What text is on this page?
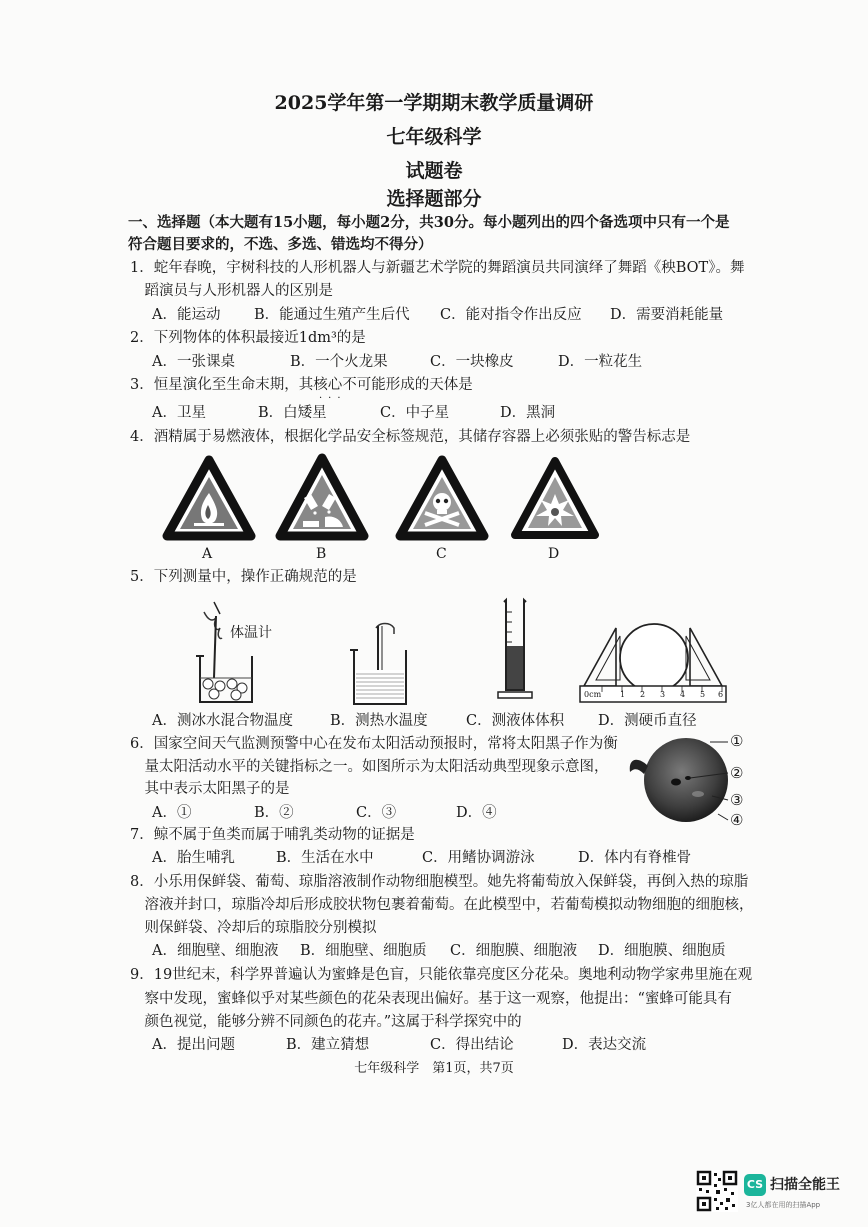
2025学年第一学期期末教学质量调研
七年级科学
试题卷
选择题部分
一、选择题（本大题有15小题，每小题2分，共30分。每小题列出的四个备选项中只有一个是
符合题目要求的，不选、多选、错选均不得分）
1．蛇年春晚，宇树科技的人形机器人与新疆艺术学院的舞蹈演员共同演绎了舞蹈《秧BOT》。舞
　蹈演员与人形机器人的区别是
A．能运动 B．能通过生殖产生后代 C．能对指令作出反应 D．需要消耗能量
2．下列物体的体积最接近1dm³的是
A．一张课桌	B．一个火龙果	C．一块橡皮	D．一粒花生
3．恒星演化至生命末期，其核心不可能形成的天体是
···
A．卫星	B．白矮星	C．中子星	D．黑洞
4．酒精属于易燃液体，根据化学品安全标签规范，其储存容器上必须张贴的警告标志是
A	B	C	D
5．下列测量中，操作正确规范的是
体温计
0cm 1 2 3 4 5 6
A．测冰水混合物温度	B．测热水温度	C．测液体体积 D．测硬币直径
6．国家空间天气监测预警中心在发布太阳活动预报时，常将太阳黑子作为衡
　量太阳活动水平的关键指标之一。如图所示为太阳活动典型现象示意图，
　其中表示太阳黑子的是
A．①	B．②	C．③	D．④
①
②
③
④
7．鲸不属于鱼类而属于哺乳类动物的证据是
A．胎生哺乳	B．生活在水中	C．用鳍协调游泳	D．体内有脊椎骨
8．小乐用保鲜袋、葡萄、琼脂溶液制作动物细胞模型。她先将葡萄放入保鲜袋，再倒入热的琼脂
　溶液并封口，琼脂冷却后形成胶状物包裹着葡萄。在此模型中，若葡萄模拟动物细胞的细胞核，
　则保鲜袋、冷却后的琼脂胶分别模拟
A．细胞壁、细胞液 B．细胞壁、细胞质 C．细胞膜、细胞液 D．细胞膜、细胞质
9．19世纪末，科学界普遍认为蜜蜂是色盲，只能依靠亮度区分花朵。奥地利动物学家弗里施在观
　察中发现，蜜蜂似乎对某些颜色的花朵表现出偏好。基于这一观察，他提出：“蜜蜂可能具有
　颜色视觉，能够分辨不同颜色的花卉。”这属于科学探究中的
A．提出问题	B．建立猜想	C．得出结论	D．表达交流
七年级科学　第1页，共7页
CS 扫描全能王
3亿人都在用的扫描App
